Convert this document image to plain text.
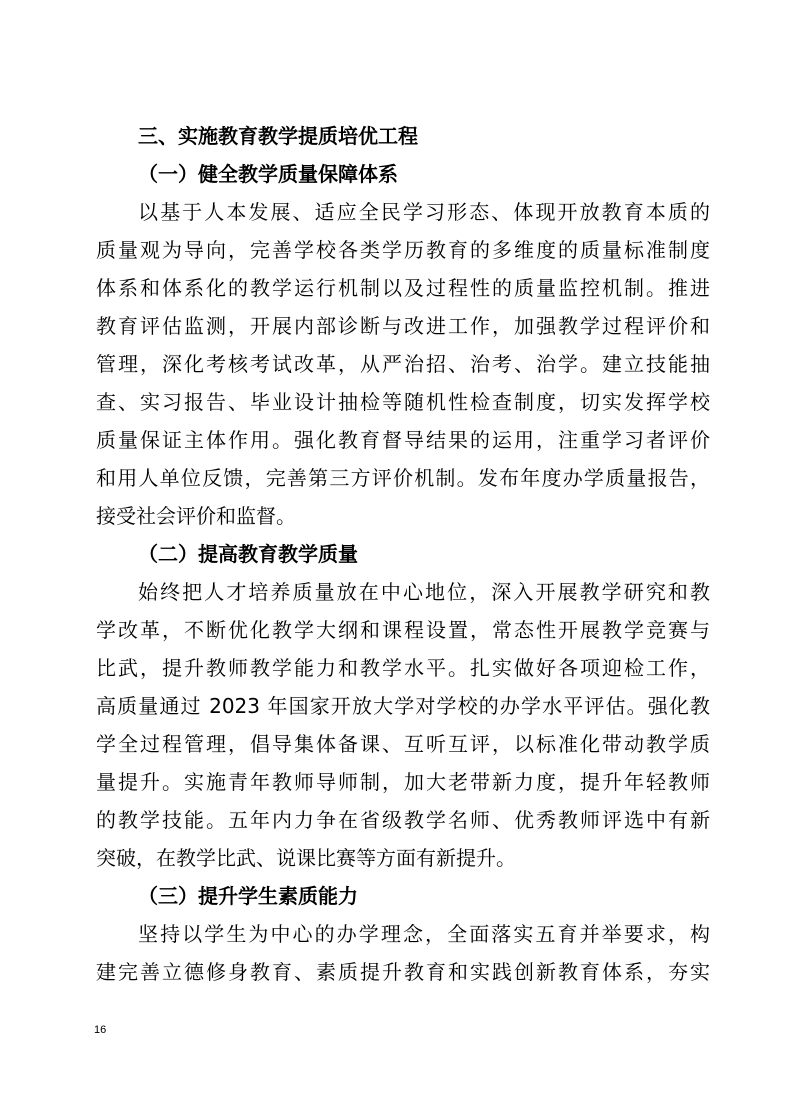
三、实施教育教学提质培优工程
（一）健全教学质量保障体系
以基于人本发展、适应全民学习形态、体现开放教育本质的
质量观为导向，完善学校各类学历教育的多维度的质量标准制度
体系和体系化的教学运行机制以及过程性的质量监控机制。推进
教育评估监测，开展内部诊断与改进工作，加强教学过程评价和
管理，深化考核考试改革，从严治招、治考、治学。建立技能抽
查、实习报告、毕业设计抽检等随机性检查制度，切实发挥学校
质量保证主体作用。强化教育督导结果的运用，注重学习者评价
和用人单位反馈，完善第三方评价机制。发布年度办学质量报告，
接受社会评价和监督。
（二）提高教育教学质量
始终把人才培养质量放在中心地位，深入开展教学研究和教
学改革，不断优化教学大纲和课程设置，常态性开展教学竞赛与
比武，提升教师教学能力和教学水平。扎实做好各项迎检工作，
高质量通过 2023 年国家开放大学对学校的办学水平评估。强化教
学全过程管理，倡导集体备课、互听互评，以标准化带动教学质
量提升。实施青年教师导师制，加大老带新力度，提升年轻教师
的教学技能。五年内力争在省级教学名师、优秀教师评选中有新
突破，在教学比武、说课比赛等方面有新提升。
（三）提升学生素质能力
坚持以学生为中心的办学理念，全面落实五育并举要求，构
建完善立德修身教育、素质提升教育和实践创新教育体系，夯实
16
